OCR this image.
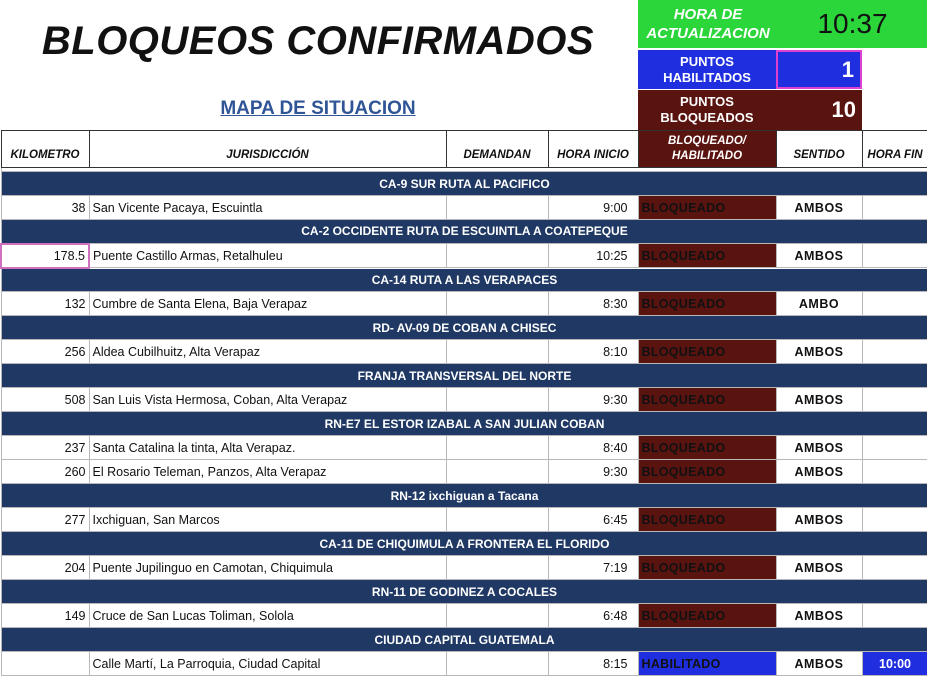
BLOQUEOS CONFIRMADOS
MAPA DE SITUACION
HORA DE ACTUALIZACION	10:37
PUNTOS HABILITADOS	1
PUNTOS BLOQUEADOS	10
KILOMETRO	JURISDICCIÓN	DEMANDAN	HORA INICIO	BLOQUEADO/ HABILITADO	SENTIDO	HORA FIN

CA-9 SUR RUTA AL PACIFICO						
38	San Vicente Pacaya, Escuintla		9:00	BLOQUEADO	AMBOS	
CA-2 OCCIDENTE RUTA DE ESCUINTLA A COATEPEQUE						
178.5	Puente Castillo Armas, Retalhuleu		10:25	BLOQUEADO	AMBOS	
CA-14 RUTA A LAS VERAPACES						
132	Cumbre de Santa Elena, Baja Verapaz		8:30	BLOQUEADO	AMBO	
RD- AV-09 DE COBAN A CHISEC						
256	Aldea Cubilhuitz, Alta Verapaz		8:10	BLOQUEADO	AMBOS	
FRANJA TRANSVERSAL DEL NORTE						
508	San Luis Vista Hermosa, Coban, Alta Verapaz		9:30	BLOQUEADO	AMBOS	
RN-E7 EL ESTOR IZABAL A SAN JULIAN COBAN						
237	Santa Catalina la tinta, Alta Verapaz.		8:40	BLOQUEADO	AMBOS	
260	El Rosario Teleman, Panzos, Alta Verapaz		9:30	BLOQUEADO	AMBOS	
RN-12 ixchiguan a Tacana						
277	Ixchiguan, San Marcos		6:45	BLOQUEADO	AMBOS	
CA-11 DE CHIQUIMULA A FRONTERA EL FLORIDO						
204	Puente Jupilinguo en Camotan, Chiquimula		7:19	BLOQUEADO	AMBOS	
RN-11 DE GODINEZ A COCALES						
149	Cruce de San Lucas Toliman, Solola		6:48	BLOQUEADO	AMBOS	
CIUDAD CAPITAL GUATEMALA						
	Calle Martí, La Parroquia, Ciudad Capital		8:15	HABILITADO	AMBOS	10:00
